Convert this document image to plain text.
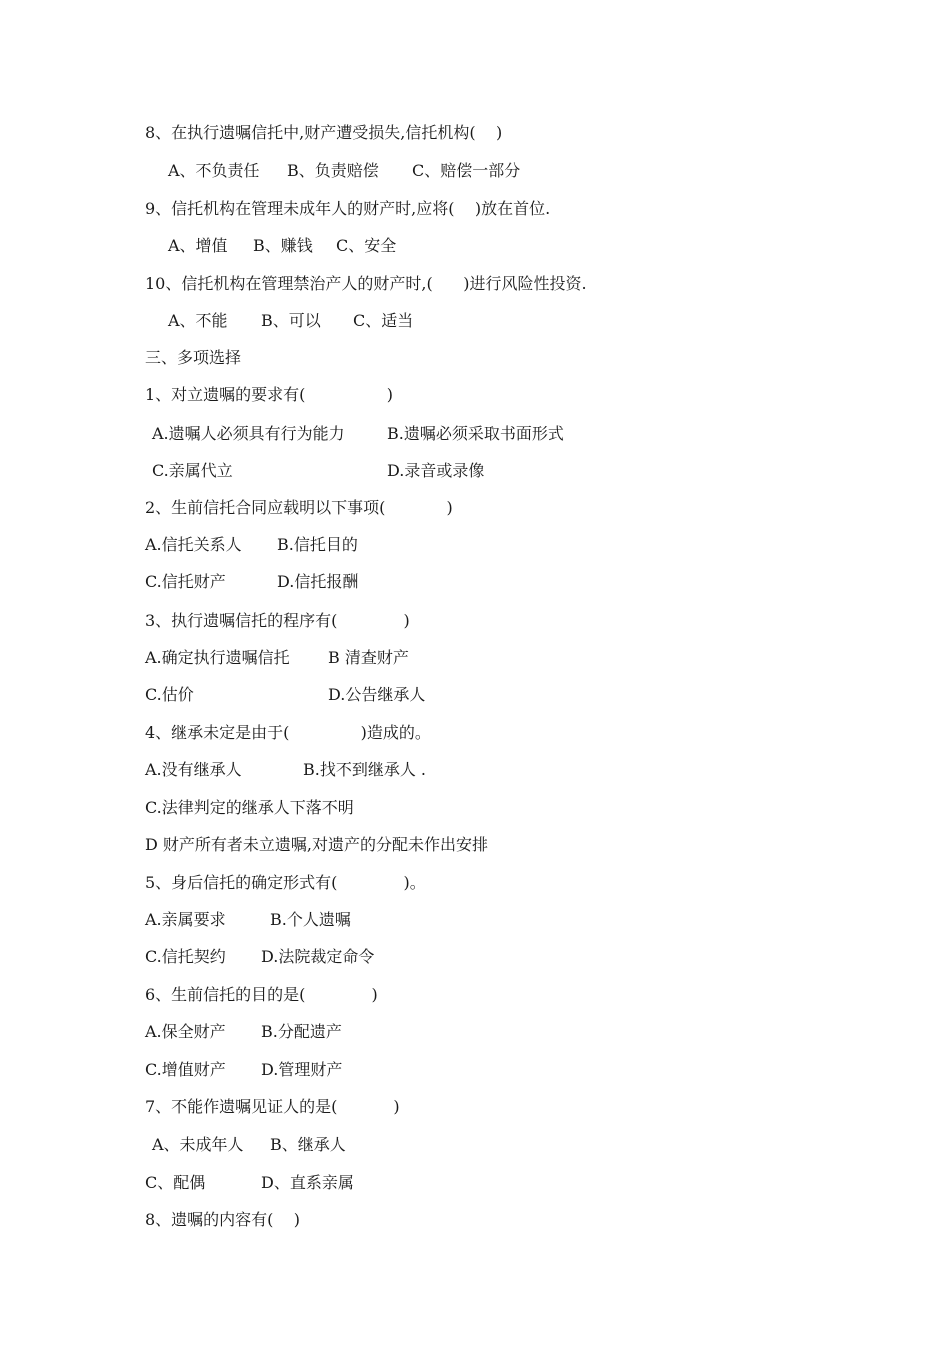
8、在执行遗嘱信托中,财产遭受损失,信托机构(    )
A、不负责任 B、负责赔偿 C、赔偿一部分
9、信托机构在管理未成年人的财产时,应将(    )放在首位.
A、增值 B、赚钱 C、安全
10、信托机构在管理禁治产人的财产时,(      )进行风险性投资.
A、不能 B、可以 C、适当
三、多项选择
1、对立遗嘱的要求有(                )
A.遗嘱人必须具有行为能力	B.遗嘱必须采取书面形式
C.亲属代立	D.录音或录像
2、生前信托合同应载明以下事项(            )
A.信托关系人 B.信托目的
C.信托财产	D.信托报酬
3、执行遗嘱信托的程序有(             )
A.确定执行遗嘱信托 B 清查财产
C.估价	D.公告继承人
4、继承未定是由于(              )造成的。
A.没有继承人	B.找不到继承人 .
C.法律判定的继承人下落不明
D 财产所有者未立遗嘱,对遗产的分配未作出安排
5、身后信托的确定形式有(             )。
A.亲属要求	B.个人遗嘱
C.信托契约 D.法院裁定命令
6、生前信托的目的是(             )
A.保全财产 B.分配遗产
C.增值财产 D.管理财产
7、不能作遗嘱见证人的是(           )
A、未成年人 B、继承人
C、配偶	D、直系亲属
8、遗嘱的内容有(    )
